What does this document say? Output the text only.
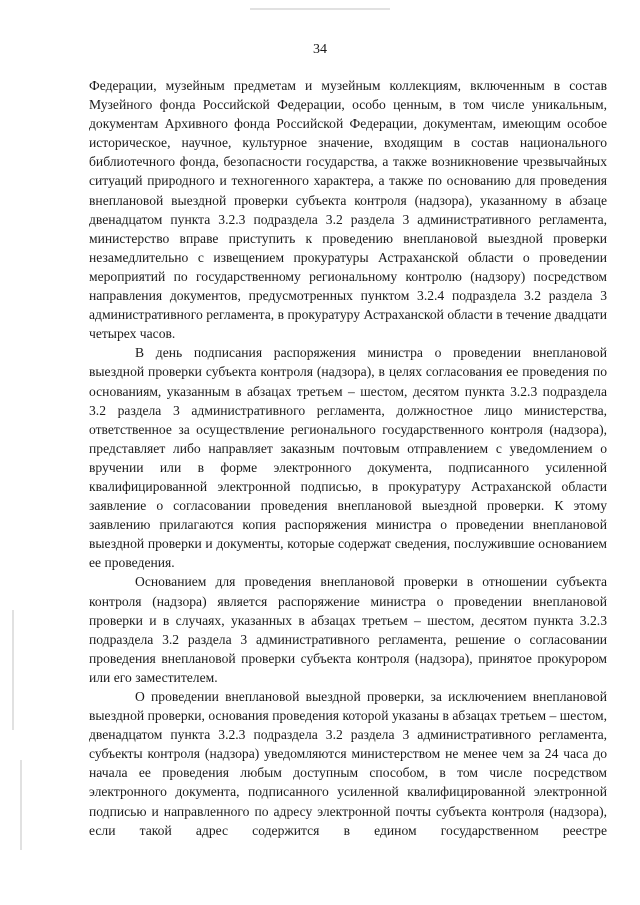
34

Федерации, музейным предметам и музейным коллекциям, включенным в состав Музейного фонда Российской Федерации, особо ценным, в том числе уникальным, документам Архивного фонда Российской Федерации, документам, имеющим особое историческое, научное, культурное значение, входящим в состав национального библиотечного фонда, безопасности государства, а также возникновение чрезвычайных ситуаций природного и техногенного характера, а также по основанию для проведения внеплановой выездной проверки субъекта контроля (надзора), указанному в абзаце двенадцатом пункта 3.2.3 подраздела 3.2 раздела 3 административного регламента, министерство вправе приступить к проведению внеплановой выездной проверки незамедлительно с извещением прокуратуры Астраханской области о проведении мероприятий по государственному региональному контролю (надзору) посредством направления документов, предусмотренных пунктом 3.2.4 подраздела 3.2 раздела 3 административного регламента, в прокуратуру Астраханской области в течение двадцати четырех часов.

В день подписания распоряжения министра о проведении внеплановой выездной проверки субъекта контроля (надзора), в целях согласования ее проведения по основаниям, указанным в абзацах третьем – шестом, десятом пункта 3.2.3 подраздела 3.2 раздела 3 административного регламента, должностное лицо министерства, ответственное за осуществление регионального государственного контроля (надзора), представляет либо направляет заказным почтовым отправлением с уведомлением о вручении или в форме электронного документа, подписанного усиленной квалифицированной электронной подписью, в прокуратуру Астраханской области заявление о согласовании проведения внеплановой выездной проверки. К этому заявлению прилагаются копия распоряжения министра о проведении внеплановой выездной проверки и документы, которые содержат сведения, послужившие основанием ее проведения.

Основанием для проведения внеплановой проверки в отношении субъекта контроля (надзора) является распоряжение министра о проведении внеплановой проверки и в случаях, указанных в абзацах третьем – шестом, десятом пункта 3.2.3 подраздела 3.2 раздела 3 административного регламента, решение о согласовании проведения внеплановой проверки субъекта контроля (надзора), принятое прокурором или его заместителем.

О проведении внеплановой выездной проверки, за исключением внеплановой выездной проверки, основания проведения которой указаны в абзацах третьем – шестом, двенадцатом пункта 3.2.3 подраздела 3.2 раздела 3 административного регламента, субъекты контроля (надзора) уведомляются министерством не менее чем за 24 часа до начала ее проведения любым доступным способом, в том числе посредством электронного документа, подписанного усиленной квалифицированной электронной подписью и направленного по адресу электронной почты субъекта контроля (надзора), если такой адрес содержится в едином государственном реестре
